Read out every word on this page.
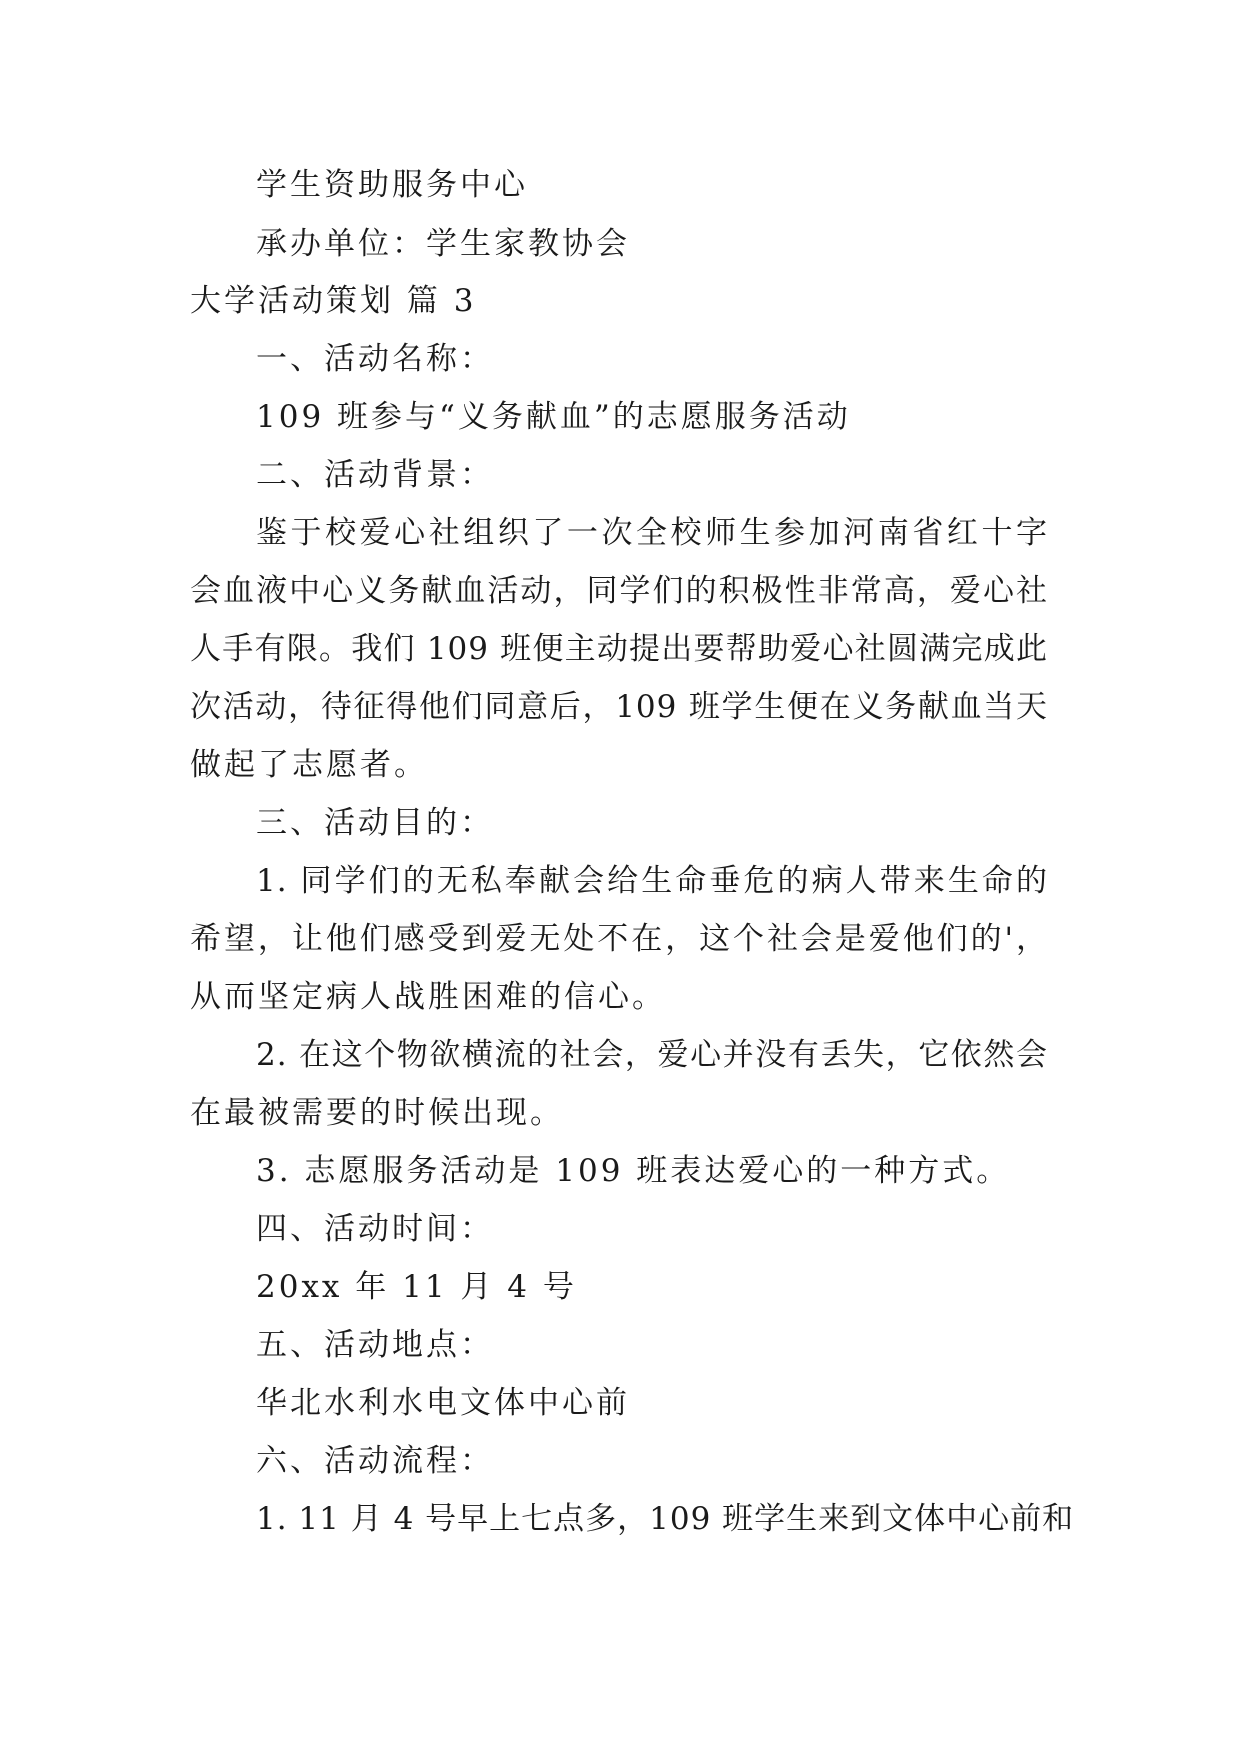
学生资助服务中心
承办单位：学生家教协会
大学活动策划 篇 3
一、活动名称：
109 班参与“义务献血”的志愿服务活动
二、活动背景：
鉴于校爱心社组织了一次全校师生参加河南省红十字
会血液中心义务献血活动，同学们的积极性非常高，爱心社
人手有限。我们 109 班便主动提出要帮助爱心社圆满完成此
次活动，待征得他们同意后，109 班学生便在义务献血当天
做起了志愿者。
三、活动目的：
1. 同学们的无私奉献会给生命垂危的病人带来生命的
希望，让他们感受到爱无处不在，这个社会是爱他们的'，
从而坚定病人战胜困难的信心。
2. 在这个物欲横流的社会，爱心并没有丢失，它依然会
在最被需要的时候出现。
3. 志愿服务活动是 109 班表达爱心的一种方式。
四、活动时间：
20xx 年 11 月 4 号
五、活动地点：
华北水利水电文体中心前
六、活动流程：
1. 11 月 4 号早上七点多，109 班学生来到文体中心前和
